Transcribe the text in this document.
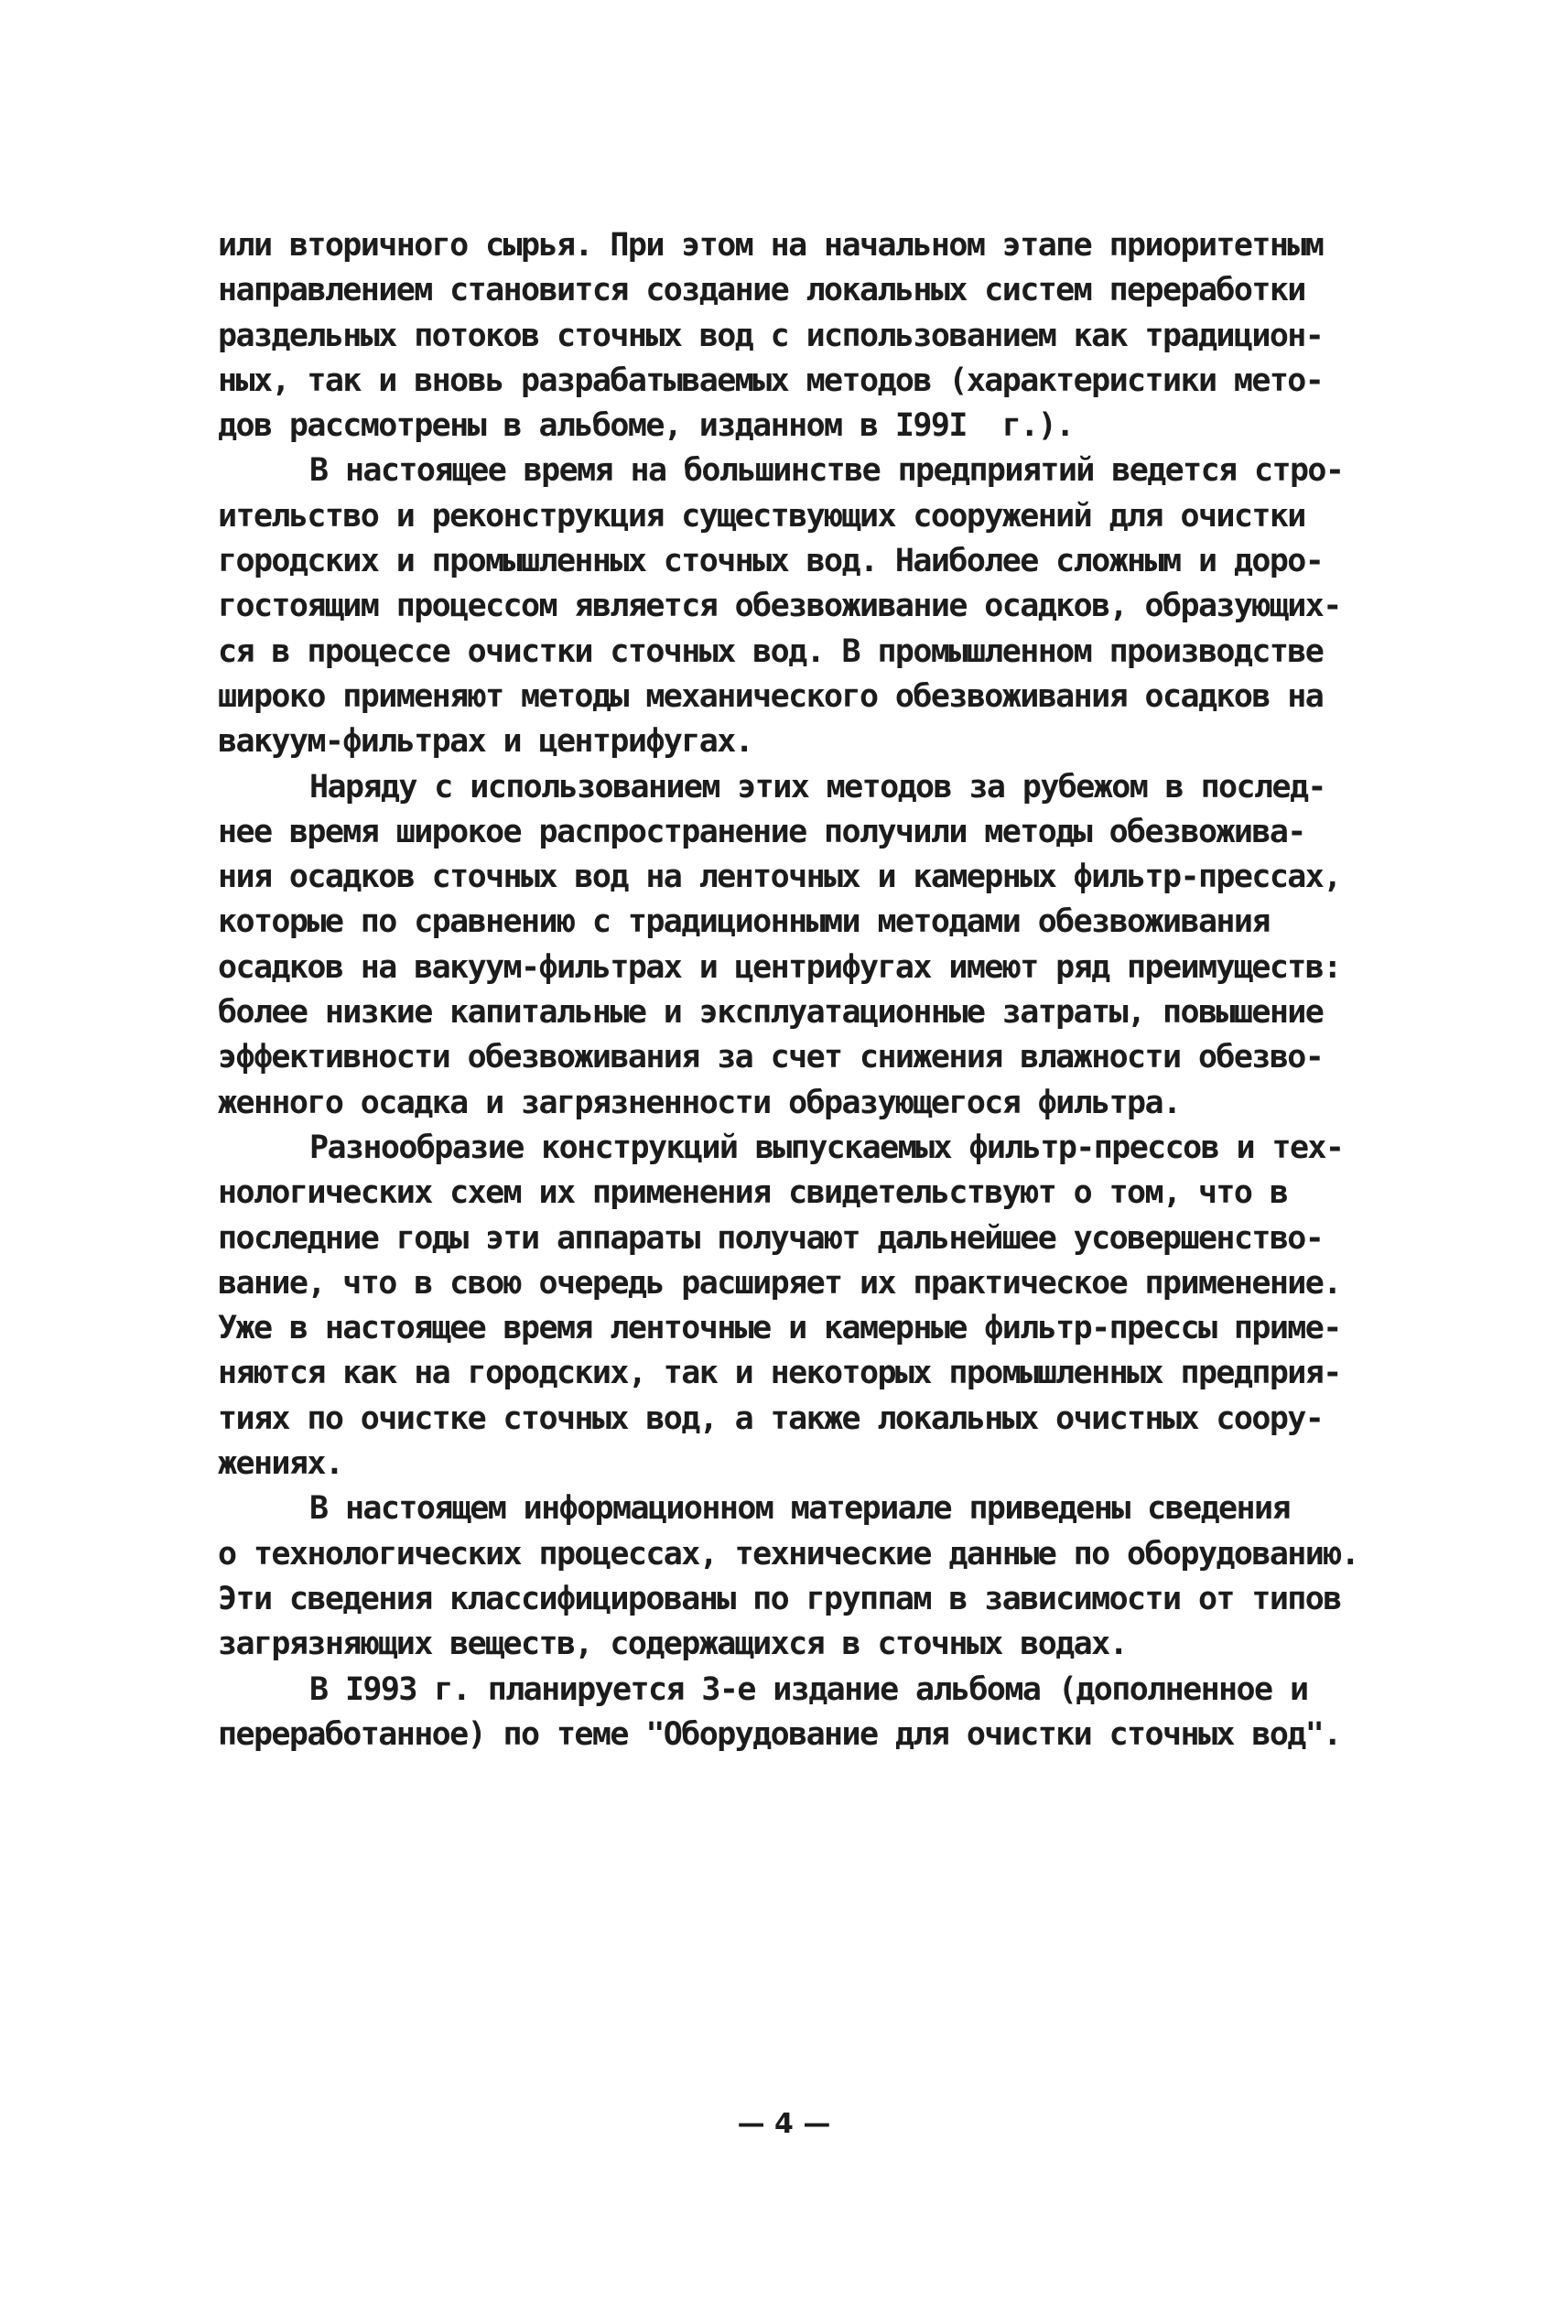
или вторичного сырья. При этом на начальном этапе приоритетным
направлением становится создание локальных систем переработки
раздельных потоков сточных вод с использованием как традицион-
ных, так и вновь разрабатываемых методов (характеристики мето-
дов рассмотрены в альбоме, изданном в I99I  г.).
В настоящее время на большинстве предприятий ведется стро-
ительство и реконструкция существующих сооружений для очистки
городских и промышленных сточных вод. Наиболее сложным и доро-
гостоящим процессом является обезвоживание осадков, образующих-
ся в процессе очистки сточных вод. В промышленном производстве
широко применяют методы механического обезвоживания осадков на
вакуум-фильтрах и центрифугах.
Наряду с использованием этих методов за рубежом в послед-
нее время широкое распространение получили методы обезвожива-
ния осадков сточных вод на ленточных и камерных фильтр-прессах,
которые по сравнению с традиционными методами обезвоживания
осадков на вакуум-фильтрах и центрифугах имеют ряд преимуществ:
более низкие капитальные и эксплуатационные затраты, повышение
эффективности обезвоживания за счет снижения влажности обезво-
женного осадка и загрязненности образующегося фильтра.
Разнообразие конструкций выпускаемых фильтр-прессов и тех-
нологических схем их применения свидетельствуют о том, что в
последние годы эти аппараты получают дальнейшее усовершенство-
вание, что в свою очередь расширяет их практическое применение.
Уже в настоящее время ленточные и камерные фильтр-прессы приме-
няются как на городских, так и некоторых промышленных предприя-
тиях по очистке сточных вод, а также локальных очистных соору-
жениях.
В настоящем информационном материале приведены сведения
о технологических процессах, технические данные по оборудованию.
Эти сведения классифицированы по группам в зависимости от типов
загрязняющих веществ, содержащихся в сточных водах.
В I993 г. планируется 3-е издание альбома (дополненное и
переработанное) по теме "Оборудование для очистки сточных вод".
— 4 —
